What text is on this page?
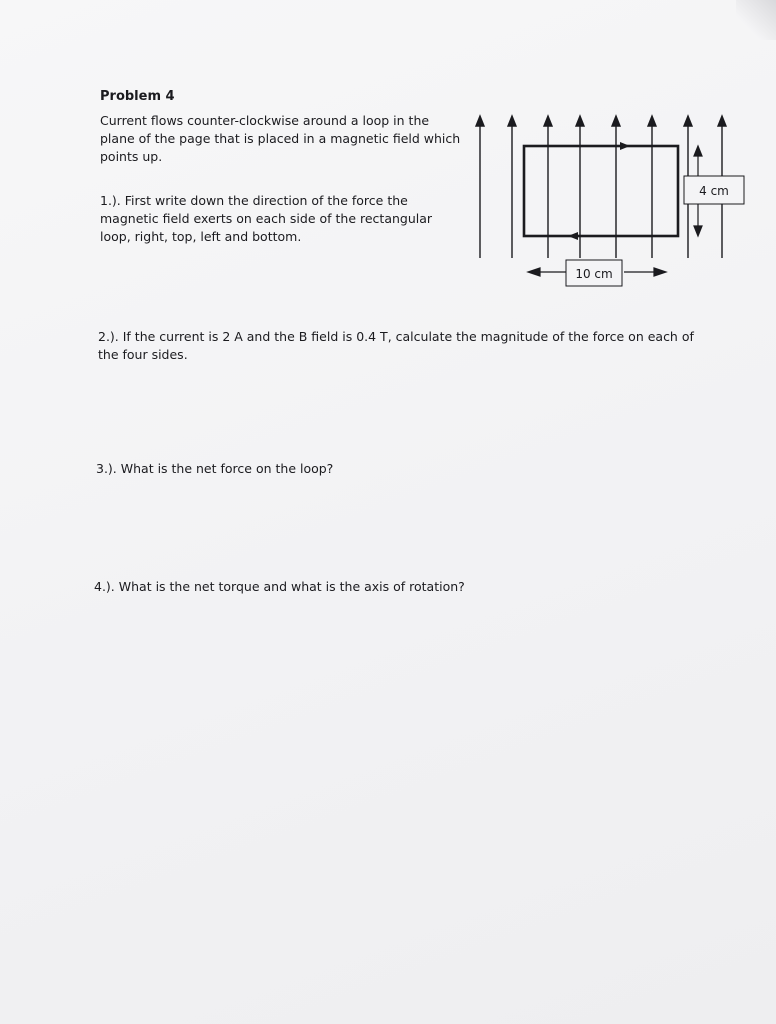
Problem 4
Current flows counter-clockwise around a loop in the
plane of the page that is placed in a magnetic field which
points up.
1.). First write down the direction of the force the
magnetic field exerts on each side of the rectangular
loop, right, top, left and bottom.
2.). If the current is 2 A and the B field is 0.4 T, calculate the magnitude of the force on each of
the four sides.
3.). What is the net force on the loop?
4.). What is the net torque and what is the axis of rotation?
4 cm
10 cm
